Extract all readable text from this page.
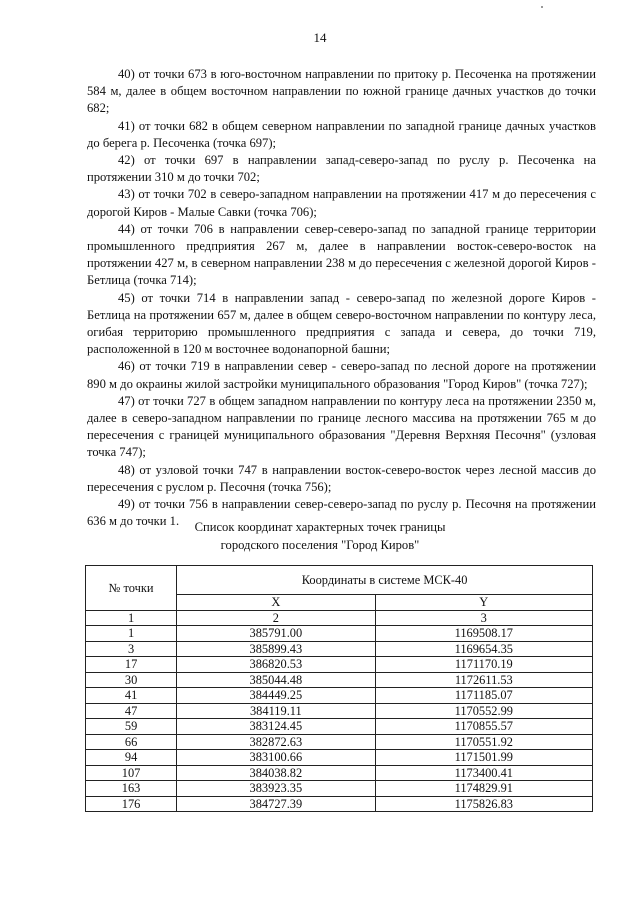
14

40) от точки 673 в юго-восточном направлении по притоку р. Песоченка на протяжении 584 м, далее в общем восточном направлении по южной границе дачных участков до точки 682;

41) от точки 682 в общем северном направлении по западной границе дачных участков до берега р. Песоченка (точка 697);

42) от точки 697 в направлении запад-северо-запад по руслу р. Песоченка на протяжении 310 м до точки 702;

43) от точки 702 в северо-западном направлении на протяжении 417 м до пересечения с дорогой Киров - Малые Савки (точка 706);

44) от точки 706 в направлении север-северо-запад по западной границе территории промышленного предприятия 267 м, далее в направлении восток-северо-восток на протяжении 427 м, в северном направлении 238 м до пересечения с железной дорогой Киров - Бетлица (точка 714);

45) от точки 714 в направлении запад - северо-запад по железной дороге Киров - Бетлица на протяжении 657 м, далее в общем северо-восточном направлении по контуру леса, огибая территорию промышленного предприятия с запада и севера, до точки 719, расположенной в 120 м восточнее водонапорной башни;

46) от точки 719 в направлении север - северо-запад по лесной дороге на протяжении 890 м до окраины жилой застройки муниципального образования "Город Киров" (точка 727);

47) от точки 727 в общем западном направлении по контуру леса на протяжении 2350 м, далее в северо-западном направлении по границе лесного массива на протяжении 765 м до пересечения с границей муниципального образования "Деревня Верхняя Песочня" (узловая точка 747);

48) от узловой точки 747 в направлении восток-северо-восток через лесной массив до пересечения с руслом р. Песочня (точка 756);

49) от точки 756 в направлении север-северо-запад по руслу р. Песочня на протяжении 636 м до точки 1.	Список координат характерных точек границы
городского поселения "Город Киров"
№ точки	Координаты в системе МСК-40	
	X	Y
1	2	3
1	385791.00	1169508.17
3	385899.43	1169654.35
17	386820.53	1171170.19
30	385044.48	1172611.53
41	384449.25	1171185.07
47	384119.11	1170552.99
59	383124.45	1170855.57
66	382872.63	1170551.92
94	383100.66	1171501.99
107	384038.82	1173400.41
163	383923.35	1174829.91
176	384727.39	1175826.83
